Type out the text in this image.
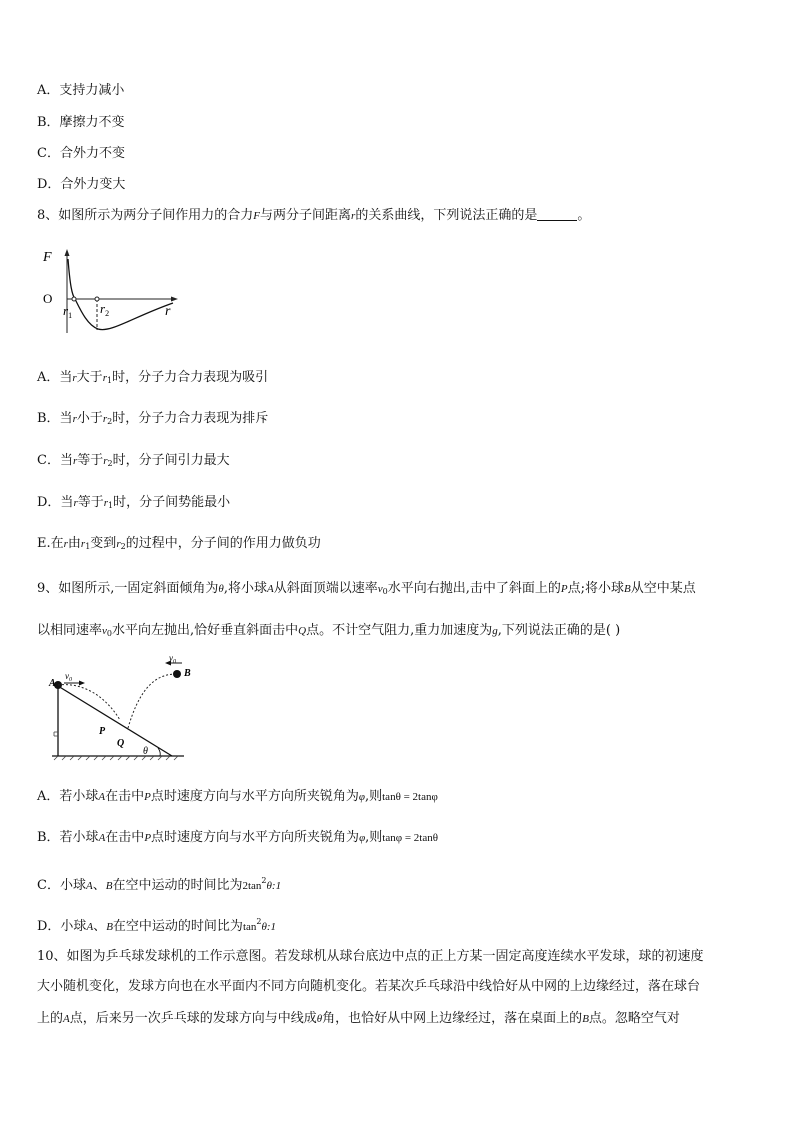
A．支持力减小
B．摩擦力不变
C．合外力不变
D．合外力变大
8、如图所示为两分子间作用力的合力F与两分子间距离r的关系曲线，下列说法正确的是	。
F
O
$r_1$ $r_2$	r
A．当r大于r1时，分子力合力表现为吸引
B．当r小于r2时，分子力合力表现为排斥
C．当r等于r2时，分子间引力最大
D．当r等于r1时，分子间势能最小
E.在r由r1变到r2的过程中，分子间的作用力做负功
9、如图所示,一固定斜面倾角为θ,将小球A从斜面顶端以速率v0水平向右抛出,击中了斜面上的P点;将小球B从空中某点
以相同速率v0水平向左抛出,恰好垂直斜面击中Q点。不计空气阻力,重力加速度为g,下列说法正确的是( )
A
B
P
Q
θ
$v_0$
$v_0$
A．若小球A在击中P点时速度方向与水平方向所夹锐角为φ,则tanθ = 2tanφ
B．若小球A在击中P点时速度方向与水平方向所夹锐角为φ,则tanφ = 2tanθ
C．小球A、B在空中运动的时间比为$2\tan^2\theta:1$
D．小球A、B在空中运动的时间比为$\tan^2\theta:1$
10、如图为乒乓球发球机的工作示意图。若发球机从球台底边中点的正上方某一固定高度连续水平发球，球的初速度
大小随机变化，发球方向也在水平面内不同方向随机变化。若某次乒乓球沿中线恰好从中网的上边缘经过，落在球台
上的A点，后来另一次乒乓球的发球方向与中线成θ角，也恰好从中网上边缘经过，落在桌面上的B点。忽略空气对
